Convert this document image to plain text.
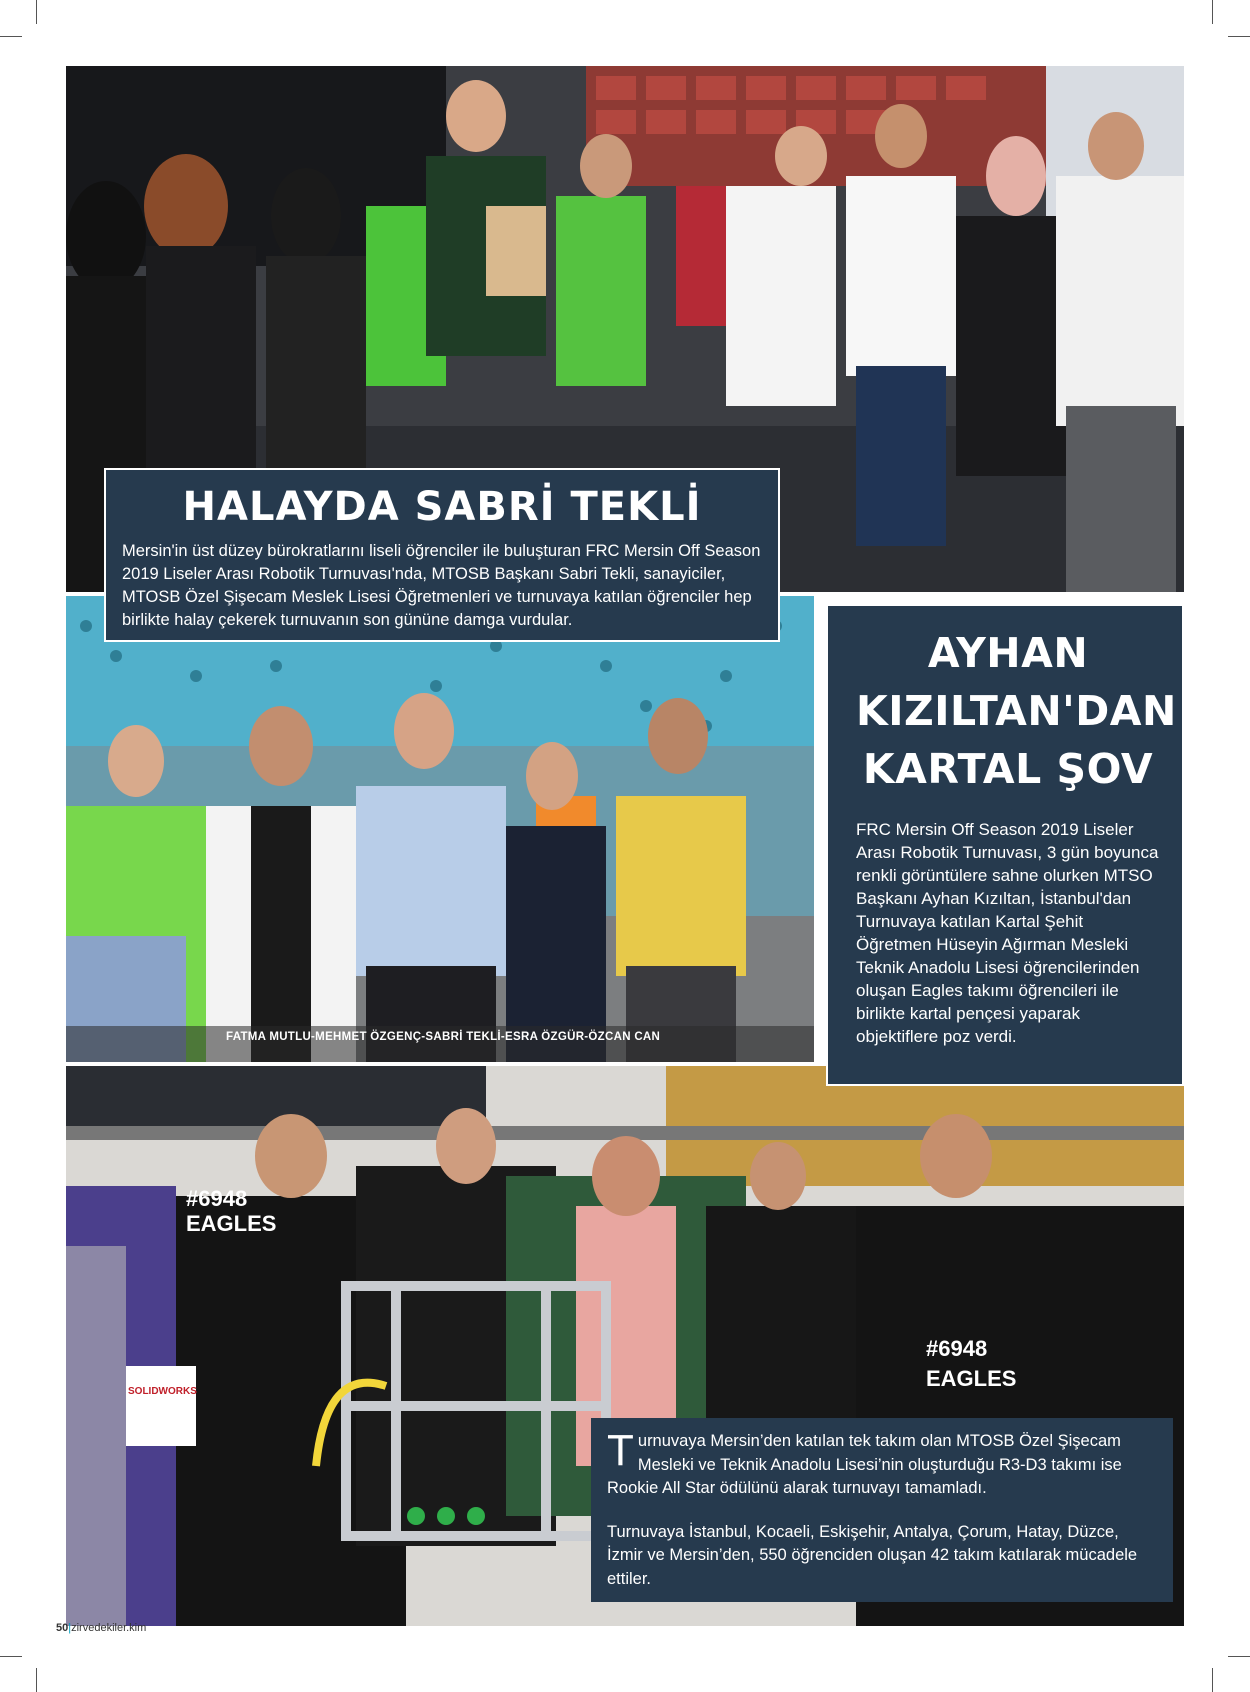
FATMA MUTLU-MEHMET ÖZGENÇ-SABRİ TEKLİ-ESRA ÖZGÜR-ÖZCAN CAN
#6948
EAGLES
#6948
EAGLES
SOLIDWORKS
HALAYDA SABRİ TEKLİ

Mersin'in üst düzey bürokratlarını liseli öğrenciler ile buluşturan FRC Mersin Off Season 2019 Liseler Arası Robotik Turnuvası'nda, MTOSB Başkanı Sabri Tekli, sanayiciler, MTOSB Özel Şişecam Meslek Lisesi Öğretmenleri ve turnuvaya katılan öğrenciler hep birlikte halay çekerek turnuvanın son gününe damga vurdular.

AYHAN
KIZILTAN'DAN
KARTAL ŞOV

FRC Mersin Off Season 2019 Liseler Arası Robotik Turnuvası, 3 gün boyunca renkli görüntülere sahne olurken MTSO Başkanı Ayhan Kızıltan, İstanbul'dan Turnuvaya katılan Kartal Şehit Öğretmen Hüseyin Ağırman Mesleki Teknik Anadolu Lisesi öğrencilerinden oluşan Eagles takımı öğrencileri ile birlikte kartal pençesi yaparak objektiflere poz verdi.

Turnuvaya Mersin’den katılan tek takım olan MTOSB Özel Şişecam Mesleki ve Teknik Anadolu Lisesi’nin oluşturduğu R3-D3 takımı ise Rookie All Star ödülünü alarak turnuvayı tamamladı.

Turnuvaya İstanbul, Kocaeli, Eskişehir, Antalya, Çorum, Hatay, Düzce, İzmir ve Mersin’den, 550 öğrenciden oluşan 42 takım katılarak mücadele ettiler.

50|zirvedekiler.kim
